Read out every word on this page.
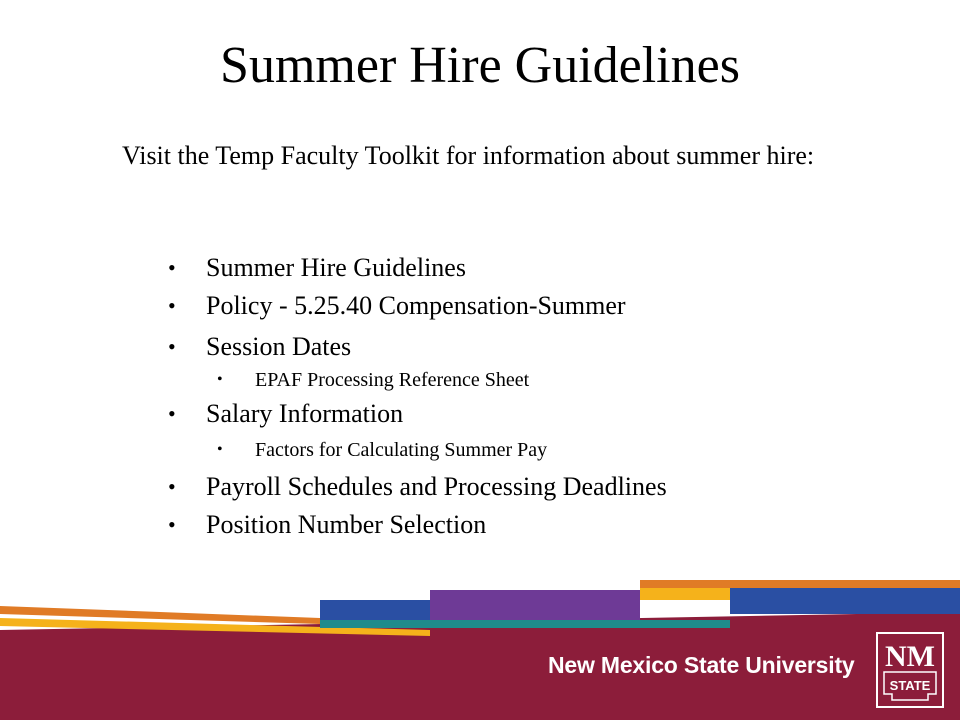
Summer Hire Guidelines
Visit the Temp Faculty Toolkit for information about summer hire:
• Summer Hire Guidelines
• Policy - 5.25.40 Compensation-Summer
• Session Dates
• EPAF Processing Reference Sheet
• Salary Information
• Factors for Calculating Summer Pay
• Payroll Schedules and Processing Deadlines
• Position Number Selection
New Mexico State University NM
STATE
